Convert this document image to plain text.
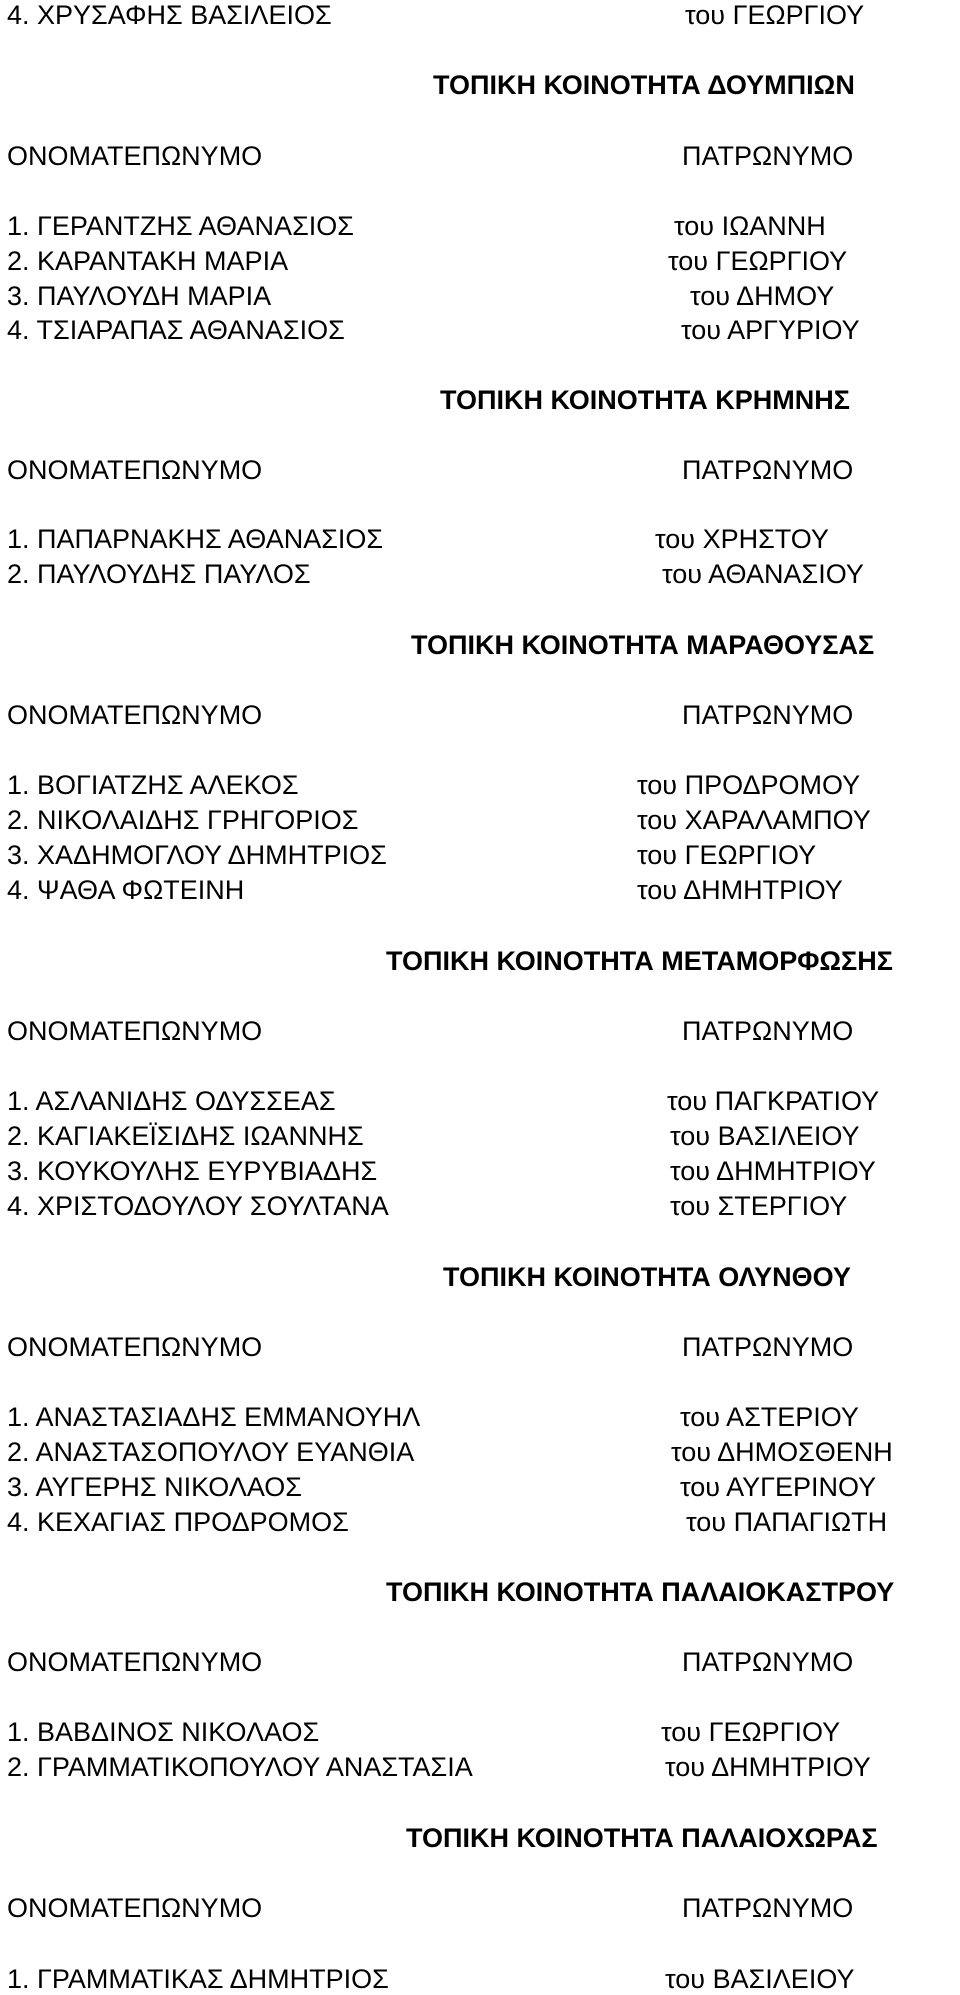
4. ΧΡΥΣΑΦΗΣ ΒΑΣΙΛΕΙΟΣ	του ΓΕΩΡΓΙΟΥ
ΤΟΠΙΚΗ ΚΟΙΝΟΤΗΤΑ ΔΟΥΜΠΙΩΝ
ΟΝΟΜΑΤΕΠΩΝΥΜΟ	ΠΑΤΡΩΝΥΜΟ
1. ΓΕΡΑΝΤΖΗΣ ΑΘΑΝΑΣΙΟΣ	του ΙΩΑΝΝΗ
2. ΚΑΡΑΝΤΑΚΗ ΜΑΡΙΑ	του ΓΕΩΡΓΙΟΥ
3. ΠΑΥΛΟΥΔΗ ΜΑΡΙΑ	του ΔΗΜΟΥ
4. ΤΣΙΑΡΑΠΑΣ ΑΘΑΝΑΣΙΟΣ	του ΑΡΓΥΡΙΟΥ
ΤΟΠΙΚΗ ΚΟΙΝΟΤΗΤΑ ΚΡΗΜΝΗΣ
ΟΝΟΜΑΤΕΠΩΝΥΜΟ	ΠΑΤΡΩΝΥΜΟ
1. ΠΑΠΑΡΝΑΚΗΣ ΑΘΑΝΑΣΙΟΣ	του ΧΡΗΣΤΟΥ
2. ΠΑΥΛΟΥΔΗΣ ΠΑΥΛΟΣ	του ΑΘΑΝΑΣΙΟΥ
ΤΟΠΙΚΗ ΚΟΙΝΟΤΗΤΑ ΜΑΡΑΘΟΥΣΑΣ
ΟΝΟΜΑΤΕΠΩΝΥΜΟ	ΠΑΤΡΩΝΥΜΟ
1. ΒΟΓΙΑΤΖΗΣ ΑΛΕΚΟΣ	του ΠΡΟΔΡΟΜΟΥ
2. ΝΙΚΟΛΑΙΔΗΣ ΓΡΗΓΟΡΙΟΣ	του ΧΑΡΑΛΑΜΠΟΥ
3. ΧΑΔΗΜΟΓΛΟΥ ΔΗΜΗΤΡΙΟΣ	του ΓΕΩΡΓΙΟΥ
4. ΨΑΘΑ ΦΩΤΕΙΝΗ	του ΔΗΜΗΤΡΙΟΥ
ΤΟΠΙΚΗ ΚΟΙΝΟΤΗΤΑ ΜΕΤΑΜΟΡΦΩΣΗΣ
ΟΝΟΜΑΤΕΠΩΝΥΜΟ	ΠΑΤΡΩΝΥΜΟ
1. ΑΣΛΑΝΙΔΗΣ ΟΔΥΣΣΕΑΣ	του ΠΑΓΚΡΑΤΙΟΥ
2. ΚΑΓΙΑΚΕΪΣΙΔΗΣ ΙΩΑΝΝΗΣ	του ΒΑΣΙΛΕΙΟΥ
3. ΚΟΥΚΟΥΛΗΣ ΕΥΡΥΒΙΑΔΗΣ	του ΔΗΜΗΤΡΙΟΥ
4. ΧΡΙΣΤΟΔΟΥΛΟΥ ΣΟΥΛΤΑΝΑ	του ΣΤΕΡΓΙΟΥ
ΤΟΠΙΚΗ ΚΟΙΝΟΤΗΤΑ ΟΛΥΝΘΟΥ
ΟΝΟΜΑΤΕΠΩΝΥΜΟ	ΠΑΤΡΩΝΥΜΟ
1. ΑΝΑΣΤΑΣΙΑΔΗΣ ΕΜΜΑΝΟΥΗΛ	του ΑΣΤΕΡΙΟΥ
2. ΑΝΑΣΤΑΣΟΠΟΥΛΟΥ ΕΥΑΝΘΙΑ	του ΔΗΜΟΣΘΕΝΗ
3. ΑΥΓΕΡΗΣ ΝΙΚΟΛΑΟΣ	του ΑΥΓΕΡΙΝΟΥ
4. ΚΕΧΑΓΙΑΣ ΠΡΟΔΡΟΜΟΣ	του ΠΑΠΑΓΙΩΤΗ
ΤΟΠΙΚΗ ΚΟΙΝΟΤΗΤΑ ΠΑΛΑΙΟΚΑΣΤΡΟΥ
ΟΝΟΜΑΤΕΠΩΝΥΜΟ	ΠΑΤΡΩΝΥΜΟ
1. ΒΑΒΔΙΝΟΣ ΝΙΚΟΛΑΟΣ	του ΓΕΩΡΓΙΟΥ
2. ΓΡΑΜΜΑΤΙΚΟΠΟΥΛΟΥ ΑΝΑΣΤΑΣΙΑ	του ΔΗΜΗΤΡΙΟΥ
ΤΟΠΙΚΗ ΚΟΙΝΟΤΗΤΑ ΠΑΛΑΙΟΧΩΡΑΣ
ΟΝΟΜΑΤΕΠΩΝΥΜΟ	ΠΑΤΡΩΝΥΜΟ
1. ΓΡΑΜΜΑΤΙΚΑΣ ΔΗΜΗΤΡΙΟΣ	του ΒΑΣΙΛΕΙΟΥ
